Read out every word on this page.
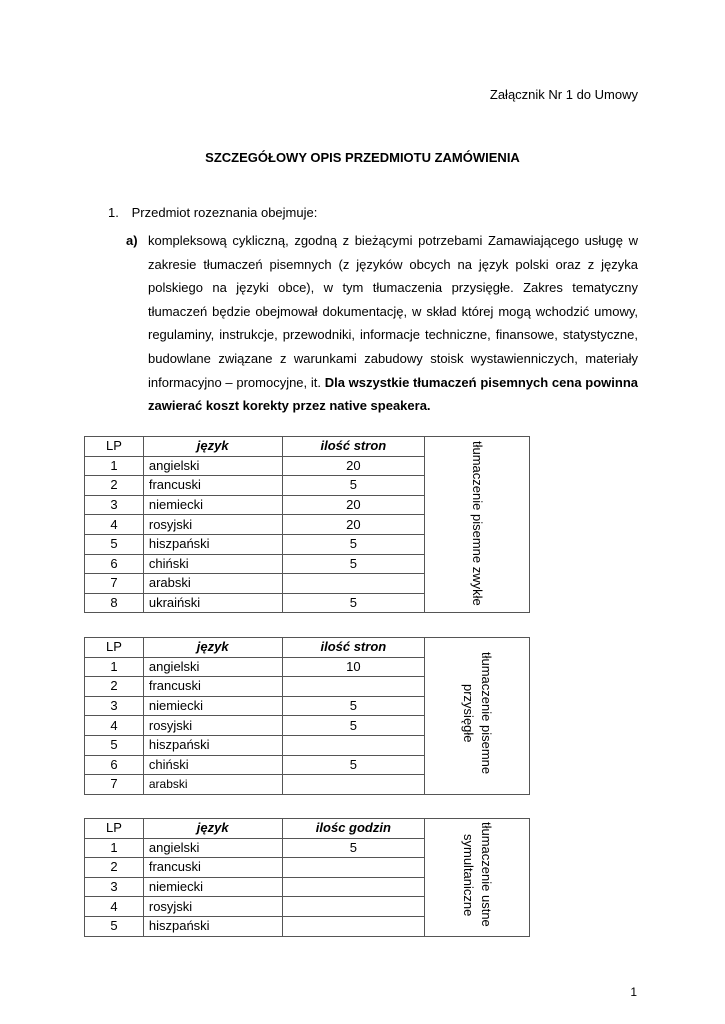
Załącznik Nr 1 do Umowy
SZCZEGÓŁOWY OPIS PRZEDMIOTU ZAMÓWIENIA
1. Przedmiot rozeznania obejmuje:
a) kompleksową cykliczną, zgodną z bieżącymi potrzebami Zamawiającego usługę w zakresie tłumaczeń pisemnych (z języków obcych na język polski oraz z języka polskiego na języki obce), w tym tłumaczenia przysięgłe. Zakres tematyczny tłumaczeń będzie obejmował dokumentację, w skład której mogą wchodzić umowy, regulaminy, instrukcje, przewodniki, informacje techniczne, finansowe, statystyczne, budowlane związane z warunkami zabudowy stoisk wystawienniczych, materiały informacyjno – promocyjne, it. Dla wszystkie tłumaczeń pisemnych cena powinna zawierać koszt korekty przez native speakera.
LP	język	ilość stron	tłumaczenie pisemne zwykłe
1	angielski	20	
2	francuski	5	
3	niemiecki	20	
4	rosyjski	20	
5	hiszpański	5	
6	chiński	5	
7	arabski		
8	ukraiński	5	
LP	język	ilość stron	tłumaczenie pisemne przysięgłe
1	angielski	10	
2	francuski		
3	niemiecki	5	
4	rosyjski	5	
5	hiszpański		
6	chiński	5	
7	arabski		
LP	język	ilośc godzin	tłumaczenie ustne symultaniczne
1	angielski	5	
2	francuski		
3	niemiecki		
4	rosyjski		
5	hiszpański		
1
